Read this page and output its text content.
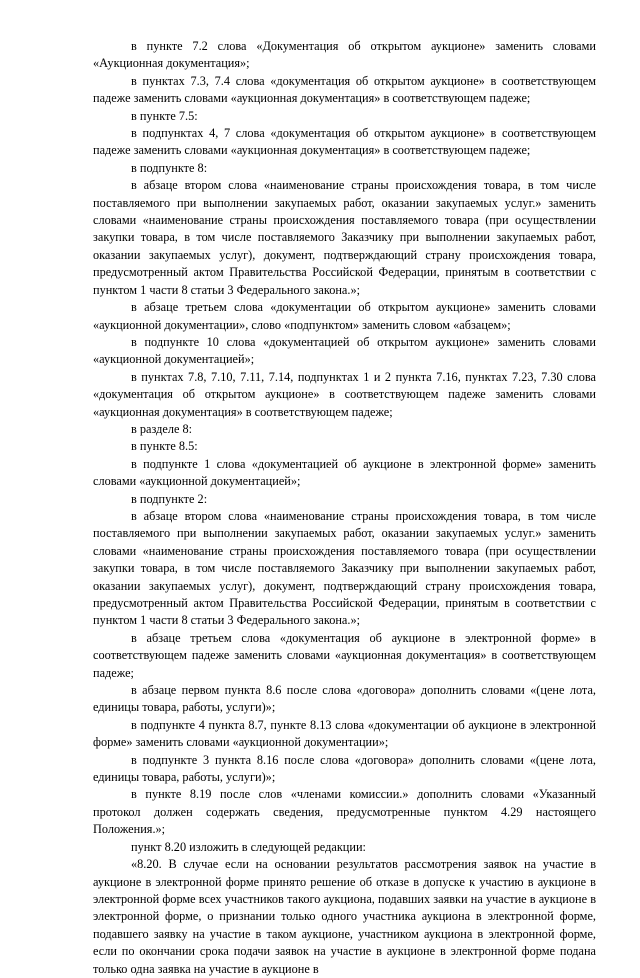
в пункте 7.2 слова «Документация об открытом аукционе» заменить словами «Аукционная документация»;

в пунктах 7.3, 7.4 слова «документация об открытом аукционе» в соответствующем падеже заменить словами «аукционная документация» в соответствующем падеже;

в пункте 7.5:

в подпунктах 4, 7 слова «документация об открытом аукционе» в соответствующем падеже заменить словами «аукционная документация» в соответствующем падеже;

в подпункте 8:

в абзаце втором слова «наименование страны происхождения товара, в том числе поставляемого при выполнении закупаемых работ, оказании закупаемых услуг.» заменить словами «наименование страны происхождения поставляемого товара (при осуществлении закупки товара, в том числе поставляемого Заказчику при выполнении закупаемых работ, оказании закупаемых услуг), документ, подтверждающий страну происхождения товара, предусмотренный актом Правительства Российской Федерации, принятым в соответствии с пунктом 1 части 8 статьи 3 Федерального закона.»;

в абзаце третьем слова «документации об открытом аукционе» заменить словами «аукционной документации», слово «подпунктом» заменить словом «абзацем»;

в подпункте 10 слова «документацией об открытом аукционе» заменить словами «аукционной документацией»;

в пунктах 7.8, 7.10, 7.11, 7.14, подпунктах 1 и 2 пункта 7.16, пунктах 7.23, 7.30 слова «документация об открытом аукционе» в соответствующем падеже заменить словами «аукционная документация» в соответствующем падеже;

в разделе 8:

в пункте 8.5:

в подпункте 1 слова «документацией об аукционе в электронной форме» заменить словами «аукционной документацией»;

в подпункте 2:

в абзаце втором слова «наименование страны происхождения товара, в том числе поставляемого при выполнении закупаемых работ, оказании закупаемых услуг.» заменить словами «наименование страны происхождения поставляемого товара (при осуществлении закупки товара, в том числе поставляемого Заказчику при выполнении закупаемых работ, оказании закупаемых услуг), документ, подтверждающий страну происхождения товара, предусмотренный актом Правительства Российской Федерации, принятым в соответствии с пунктом 1 части 8 статьи 3 Федерального закона.»;

в абзаце третьем слова «документация об аукционе в электронной форме» в соответствующем падеже заменить словами «аукционная документация» в соответствующем падеже;

в абзаце первом пункта 8.6 после слова «договора» дополнить словами «(цене лота, единицы товара, работы, услуги)»;

в подпункте 4 пункта 8.7, пункте 8.13 слова «документации об аукционе в электронной форме» заменить словами «аукционной документации»;

в подпункте 3 пункта 8.16 после слова «договора» дополнить словами «(цене лота, единицы товара, работы, услуги)»;

в пункте 8.19 после слов «членами комиссии.» дополнить словами «Указанный протокол должен содержать сведения, предусмотренные пунктом 4.29 настоящего Положения.»;

пункт 8.20 изложить в следующей редакции:

«8.20. В случае если на основании результатов рассмотрения заявок на участие в аукционе в электронной форме принято решение об отказе в допуске к участию в аукционе в электронной форме всех участников такого аукциона, подавших заявки на участие в аукционе в электронной форме, о признании только одного участника аукциона в электронной форме, подавшего заявку на участие в таком аукционе, участником аукциона в электронной форме, если по окончании срока подачи заявок на участие в аукционе в электронной форме подана только одна заявка на участие в аукционе в
